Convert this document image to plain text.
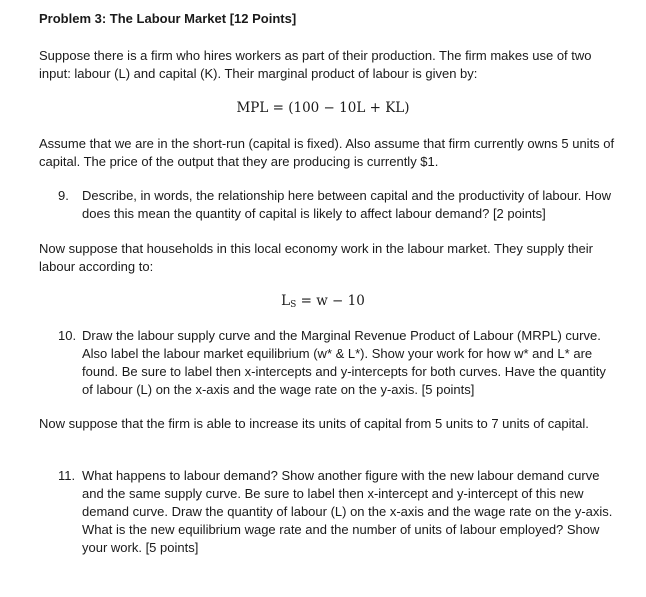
Problem 3: The Labour Market [12 Points]
Suppose there is a firm who hires workers as part of their production. The firm makes use of two input: labour (L) and capital (K). Their marginal product of labour is given by:
MPL = (100 − 10L + KL)
Assume that we are in the short-run (capital is fixed). Also assume that firm currently owns 5 units of capital. The price of the output that they are producing is currently $1.
9. Describe, in words, the relationship here between capital and the productivity of labour. How does this mean the quantity of capital is likely to affect labour demand? [2 points]
Now suppose that households in this local economy work in the labour market. They supply their labour according to:
$L_S = w - 10$
10. Draw the labour supply curve and the Marginal Revenue Product of Labour (MRPL) curve. Also label the labour market equilibrium (w* & L*). Show your work for how w* and L* are found. Be sure to label then x-intercepts and y-intercepts for both curves. Have the quantity of labour (L) on the x-axis and the wage rate on the y-axis. [5 points]
Now suppose that the firm is able to increase its units of capital from 5 units to 7 units of capital.
11. What happens to labour demand? Show another figure with the new labour demand curve and the same supply curve. Be sure to label then x-intercept and y-intercept of this new demand curve. Draw the quantity of labour (L) on the x-axis and the wage rate on the y-axis. What is the new equilibrium wage rate and the number of units of labour employed? Show your work. [5 points]
